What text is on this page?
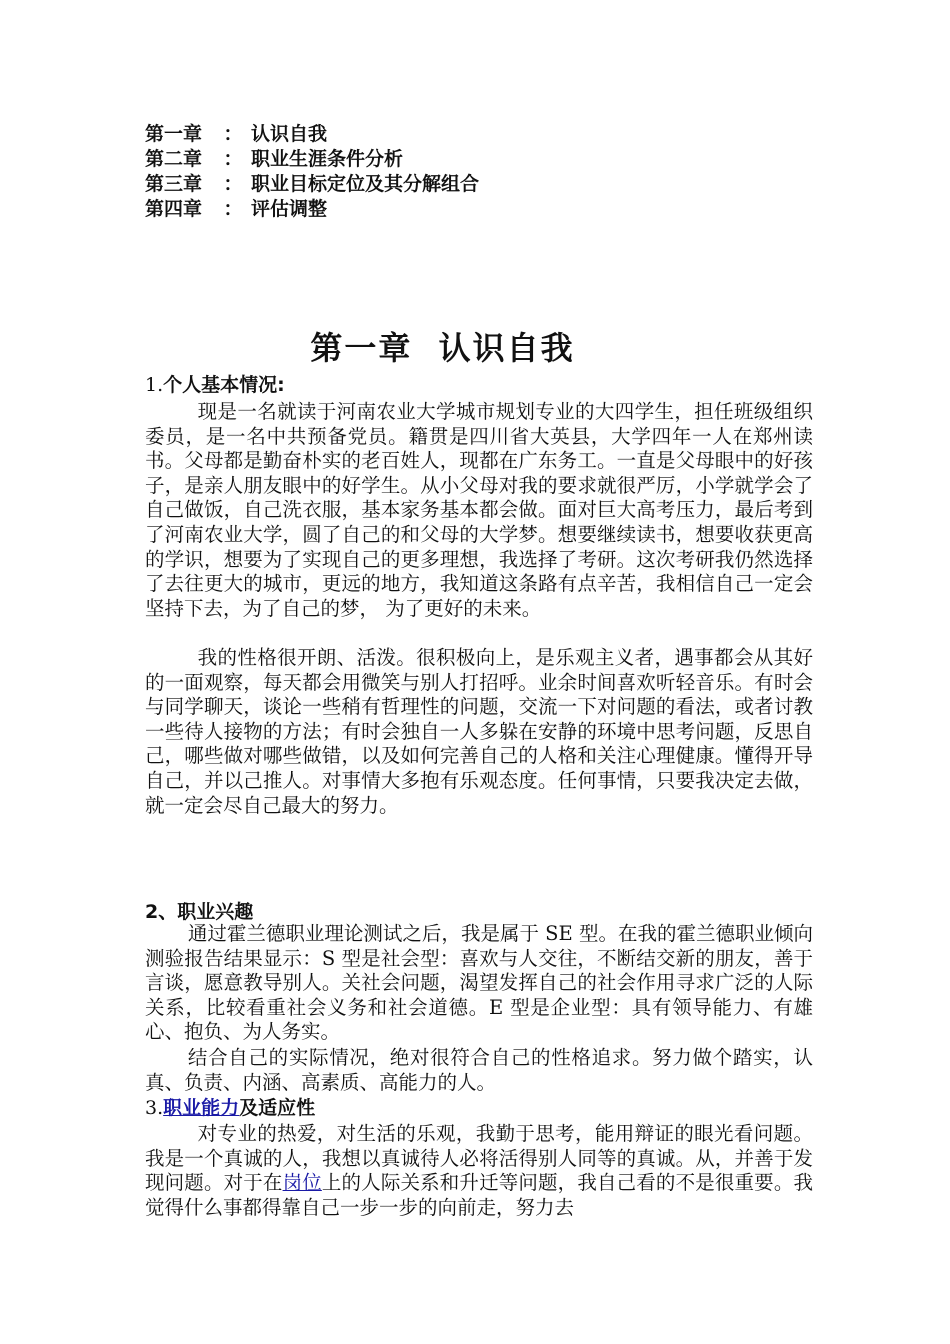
第一章 ： 认识自我
第二章 ： 职业生涯条件分析
第三章 ： 职业目标定位及其分解组合
第四章 ： 评估调整
第一章  认识自我
1.个人基本情况:

现是一名就读于河南农业大学城市规划专业的大四学生，担任班级组织委员，是一名中共预备党员。籍贯是四川省大英县，大学四年一人在郑州读书。父母都是勤奋朴实的老百姓人，现都在广东务工。一直是父母眼中的好孩子，是亲人朋友眼中的好学生。从小父母对我的要求就很严厉，小学就学会了自己做饭，自己洗衣服，基本家务基本都会做。面对巨大高考压力，最后考到了河南农业大学，圆了自己的和父母的大学梦。想要继续读书，想要收获更高的学识，想要为了实现自己的更多理想，我选择了考研。这次考研我仍然选择了去往更大的城市，更远的地方，我知道这条路有点辛苦，我相信自己一定会坚持下去，为了自己的梦， 为了更好的未来。

我的性格很开朗、活泼。很积极向上，是乐观主义者，遇事都会从其好的一面观察，每天都会用微笑与别人打招呼。业余时间喜欢听轻音乐。有时会与同学聊天，谈论一些稍有哲理性的问题，交流一下对问题的看法，或者讨教一些待人接物的方法；有时会独自一人多躲在安静的环境中思考问题，反思自己，哪些做对哪些做错，以及如何完善自己的人格和关注心理健康。懂得开导自己，并以己推人。对事情大多抱有乐观态度。任何事情，只要我决定去做，就一定会尽自己最大的努力。

2、职业兴趣

通过霍兰德职业理论测试之后，我是属于 SE 型。在我的霍兰德职业倾向测验报告结果显示：S 型是社会型：喜欢与人交往，不断结交新的朋友，善于言谈，愿意教导别人。关社会问题，渴望发挥自己的社会作用寻求广泛的人际关系，比较看重社会义务和社会道德。E 型是企业型：具有领导能力、有雄心、抱负、为人务实。

结合自己的实际情况，绝对很符合自己的性格追求。努力做个踏实，认真、负责、内涵、高素质、高能力的人。

3.职业能力及适应性

对专业的热爱，对生活的乐观，我勤于思考，能用辩证的眼光看问题。我是一个真诚的人，我想以真诚待人必将活得别人同等的真诚。从，并善于发现问题。对于在岗位上的人际关系和升迁等问题，我自己看的不是很重要。我觉得什么事都得靠自己一步一步的向前走，努力去
